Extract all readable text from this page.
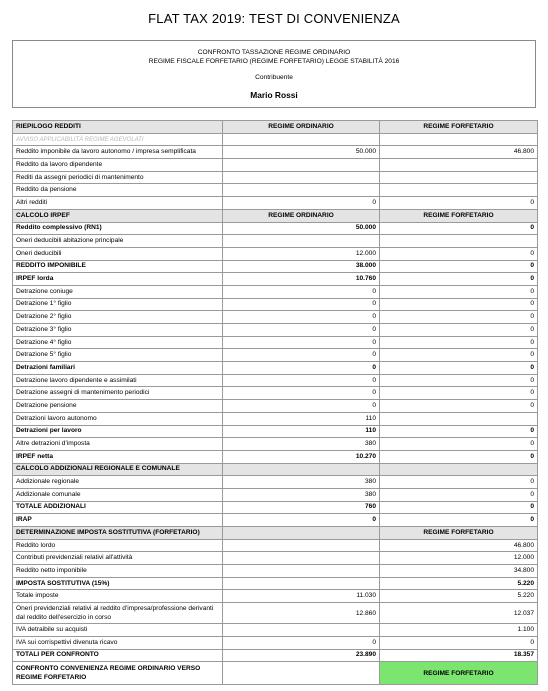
FLAT TAX 2019: TEST DI CONVENIENZA
CONFRONTO TASSAZIONE REGIME ORDINARIO
REGIME FISCALE FORFETARIO (REGIME FORFETARIO) LEGGE STABILITÀ 2016
Contribuente
Mario Rossi
RIEPILOGO REDDITI	REGIME ORDINARIO	REGIME FORFETARIO
AVVISO APPLICABILITÀ REGIME AGEVOLATI		
Reddito imponibile da lavoro autonomo / impresa semplificata	50.000	46.800
Reddito da lavoro dipendente		
Rediti da assegni periodici di mantenimento		
Reddito da pensione		
Altri redditi	0	0
CALCOLO IRPEF	REGIME ORDINARIO	REGIME FORFETARIO
Reddito complessivo (RN1)	50.000	0
Oneri deducibili abitazione principale		
Oneri deducibili	12.000	0
REDDITO IMPONIBILE	38.000	0
IRPEF lorda	10.760	0
Detrazione coniuge	0	0
Detrazione 1° figlio	0	0
Detrazione 2° figlio	0	0
Detrazione 3° figlio	0	0
Detrazione 4° figlio	0	0
Detrazione 5° figlio	0	0
Detrazioni familiari	0	0
Detrazione lavoro dipendente e assimilati	0	0
Detrazione assegni di mantenimento periodici	0	0
Detrazione pensione	0	0
Detrazioni lavoro autonomo	110	
Detrazioni per lavoro	110	0
Altre detrazioni d'imposta	380	0
IRPEF netta	10.270	0
CALCOLO ADDIZIONALI REGIONALE E COMUNALE		
Addizionale regionale	380	0
Addizionale comunale	380	0
TOTALE ADDIZIONALI	760	0
IRAP	0	0
DETERMINAZIONE IMPOSTA SOSTITUTIVA (FORFETARIO)		REGIME FORFETARIO
Reddito lordo		46.800
Contributi previdenziali relativi all'attività		12.000
Reddito netto imponibile		34.800
IMPOSTA SOSTITUTIVA (15%)		5.220
Totale imposte	11.030	5.220
Oneri previdenziali relativi al reddito d'impresa/professione derivanti dal reddito dell'esercizio in corso	12.860	12.037
IVA detraibile su acquisti		1.100
IVA sui corrispettivi divenuta ricavo	0	0
TOTALI PER CONFRONTO	23.890	18.357
CONFRONTO CONVENIENZA REGIME ORDINARIO VERSO REGIME FORFETARIO		REGIME FORFETARIO
